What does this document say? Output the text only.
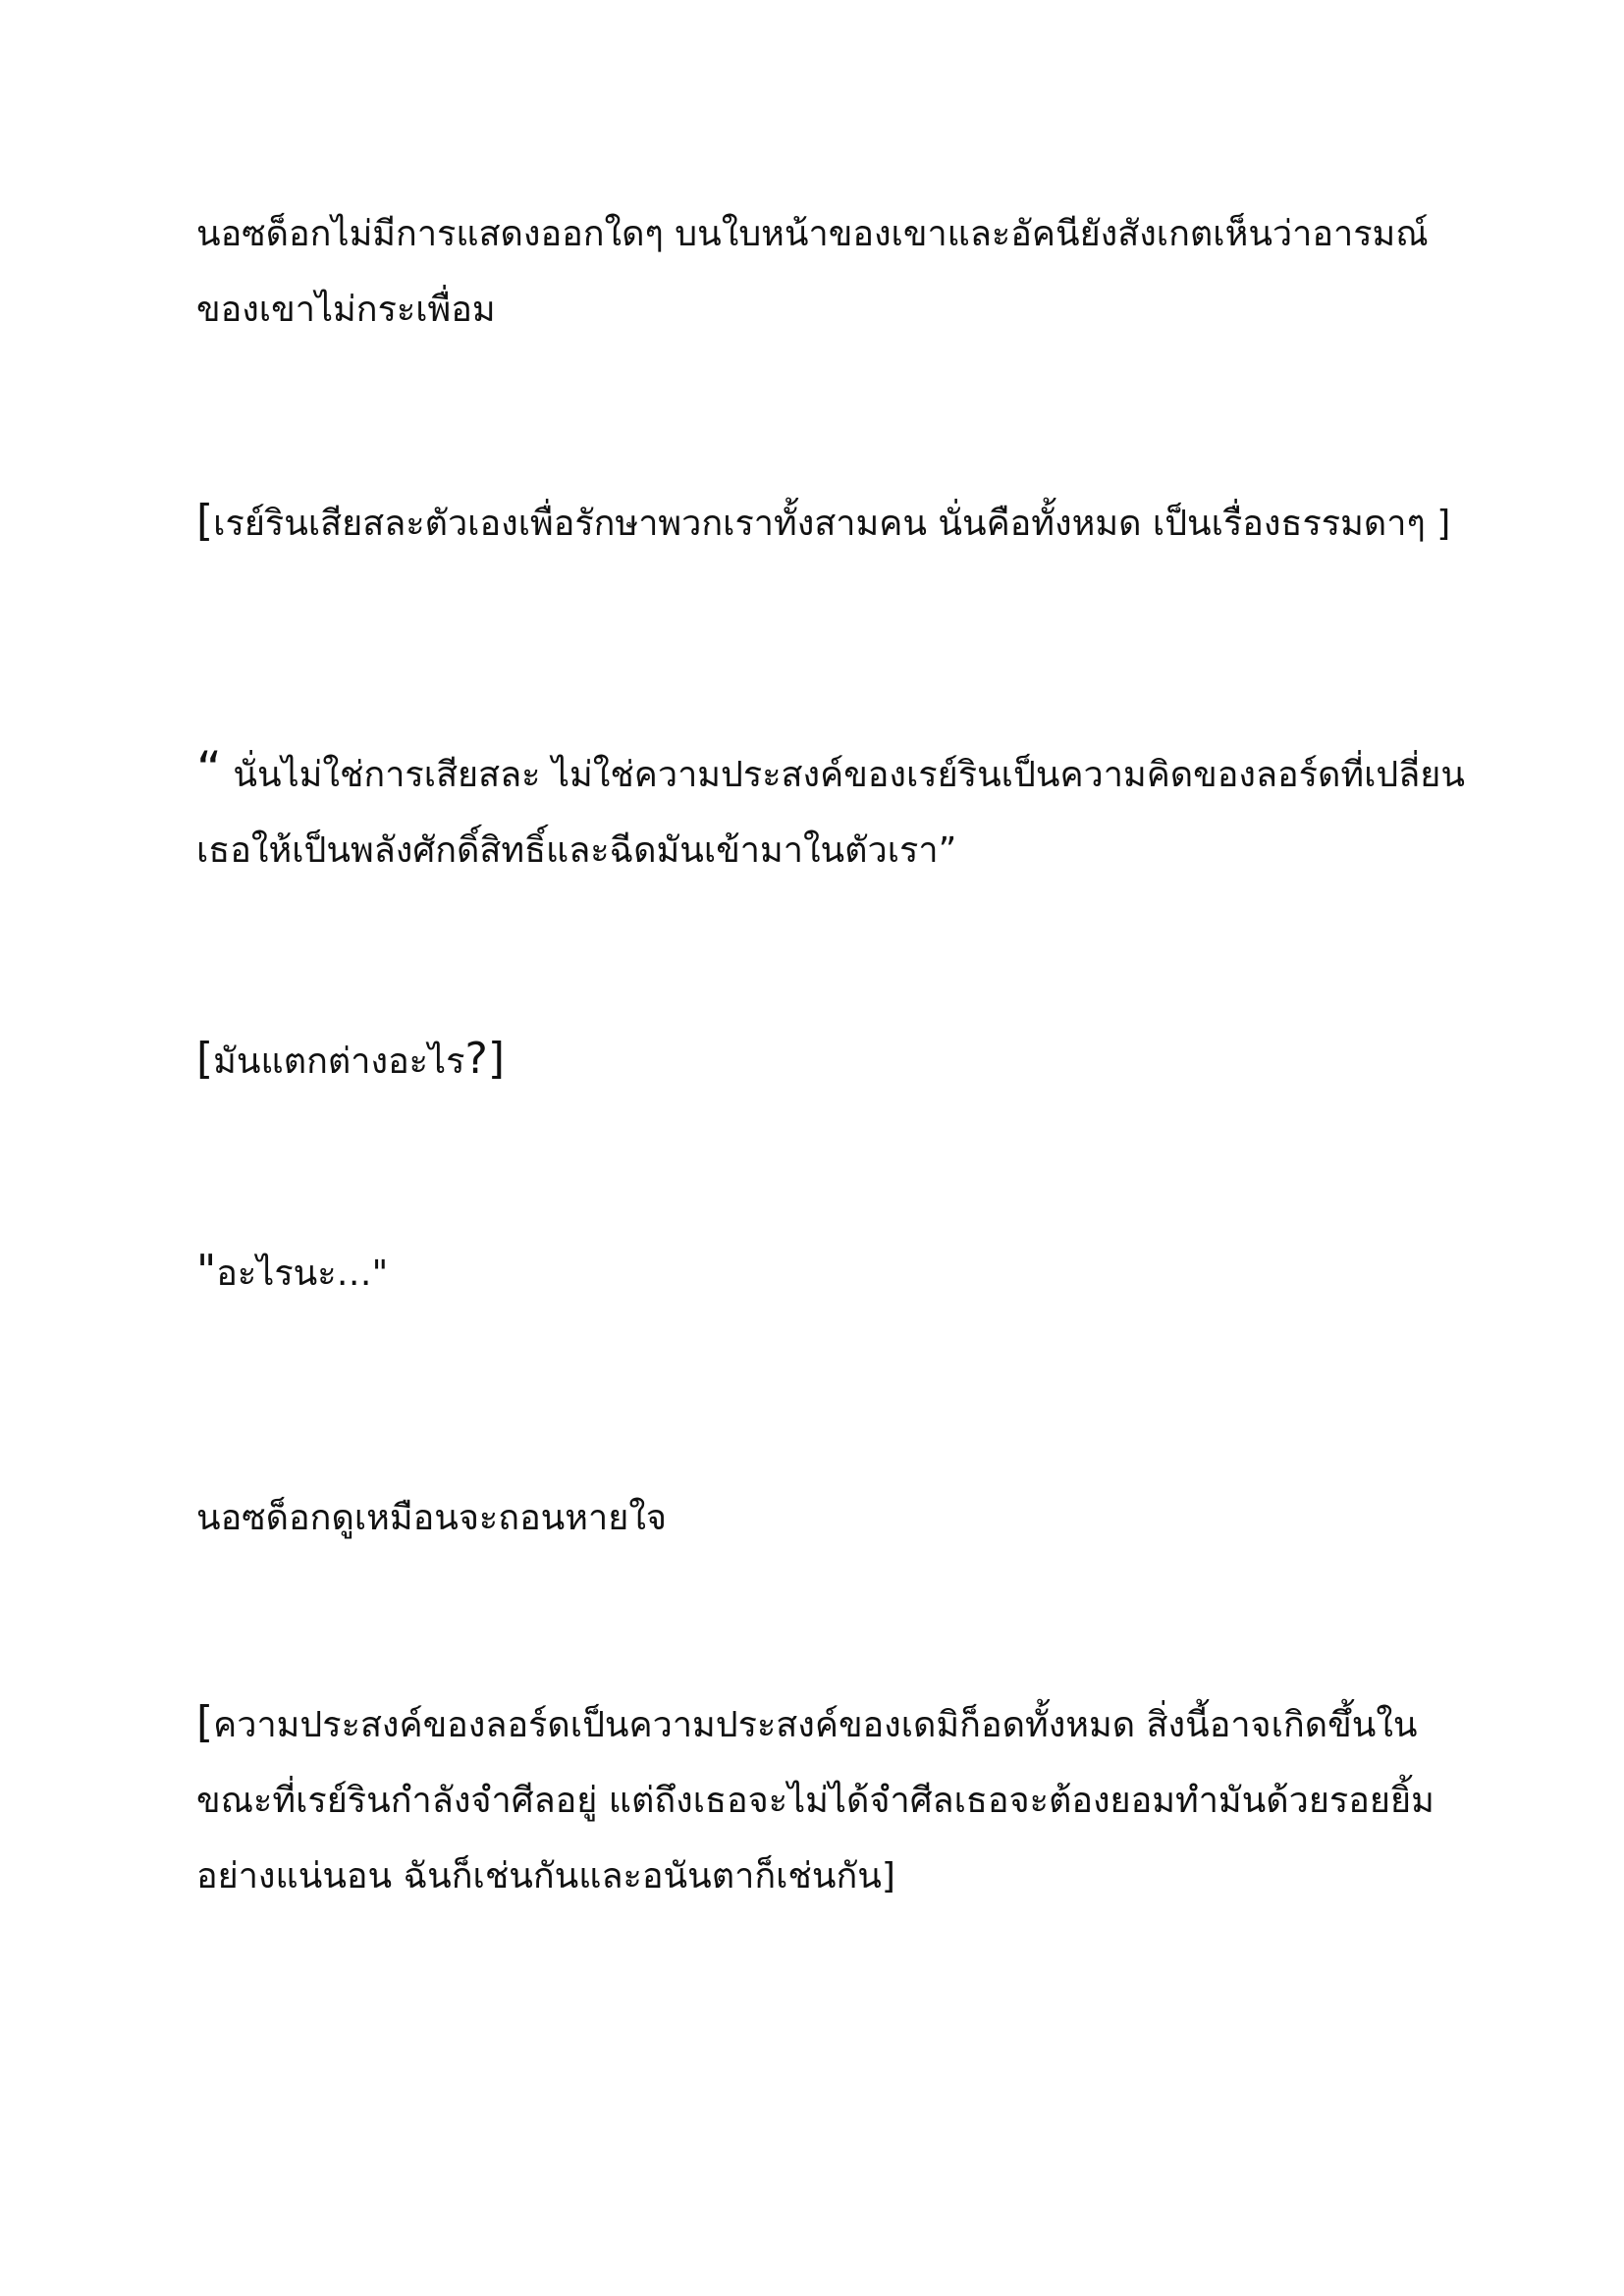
นอซด็อกไม่มีการแสดงออกใดๆ บนใบหน้าของเขาและอัคนียังสังเกตเห็นว่าอารมณ์
ของเขาไม่กระเพื่อม

[เรย์รินเสียสละตัวเองเพื่อรักษาพวกเราทั้งสามคน นั่นคือทั้งหมด เป็นเรื่องธรรมดาๆ ]

“ นั่นไม่ใช่การเสียสละ ไม่ใช่ความประสงค์ของเรย์รินเป็นความคิดของลอร์ดที่เปลี่ยน
เธอให้เป็นพลังศักดิ์สิทธิ์และฉีดมันเข้ามาในตัวเรา”

[มันแตกต่างอะไร?]

"อะไรนะ…"

นอซด็อกดูเหมือนจะถอนหายใจ

[ความประสงค์ของลอร์ดเป็นความประสงค์ของเดมิก็อดทั้งหมด สิ่งนี้อาจเกิดขึ้นใน
ขณะที่เรย์รินกำลังจำศีลอยู่ แต่ถึงเธอจะไม่ได้จำศีลเธอจะต้องยอมทำมันด้วยรอยยิ้ม
อย่างแน่นอน ฉันก็เช่นกันและอนันตาก็เช่นกัน]
